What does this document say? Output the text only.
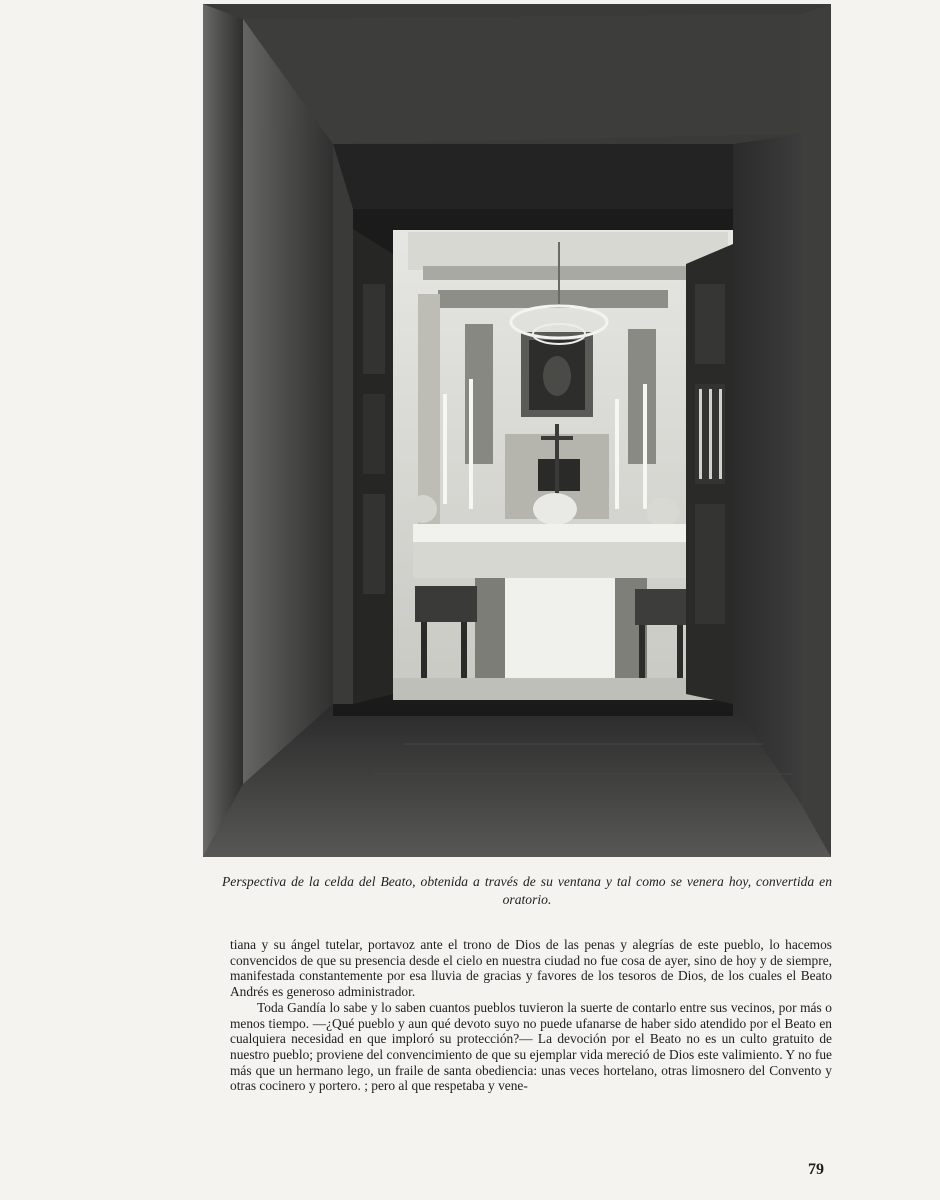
Perspectiva de la celda del Beato, obtenida a través de su ventana y tal como se venera hoy, convertida en oratorio.

tiana y su ángel tutelar, portavoz ante el trono de Dios de las penas y alegrías de este pueblo, lo hacemos convencidos de que su presencia desde el cielo en nuestra ciudad no fue cosa de ayer, sino de hoy y de siempre, manifestada constantemente por esa lluvia de gracias y favores de los tesoros de Dios, de los cuales el Beato Andrés es generoso administrador.

Toda Gandía lo sabe y lo saben cuantos pueblos tuvieron la suerte de contarlo entre sus vecinos, por más o menos tiempo. —¿Qué pueblo y aun qué devoto suyo no puede ufanarse de haber sido atendido por el Beato en cualquiera necesidad en que imploró su protección?— La devoción por el Beato no es un culto gratuito de nuestro pueblo; proviene del convencimiento de que su ejemplar vida mereció de Dios este valimiento. Y no fue más que un hermano lego, un fraile de santa obediencia: unas veces hortelano, otras limosnero del Convento y otras cocinero y portero. ; pero al que respetaba y vene-

79
